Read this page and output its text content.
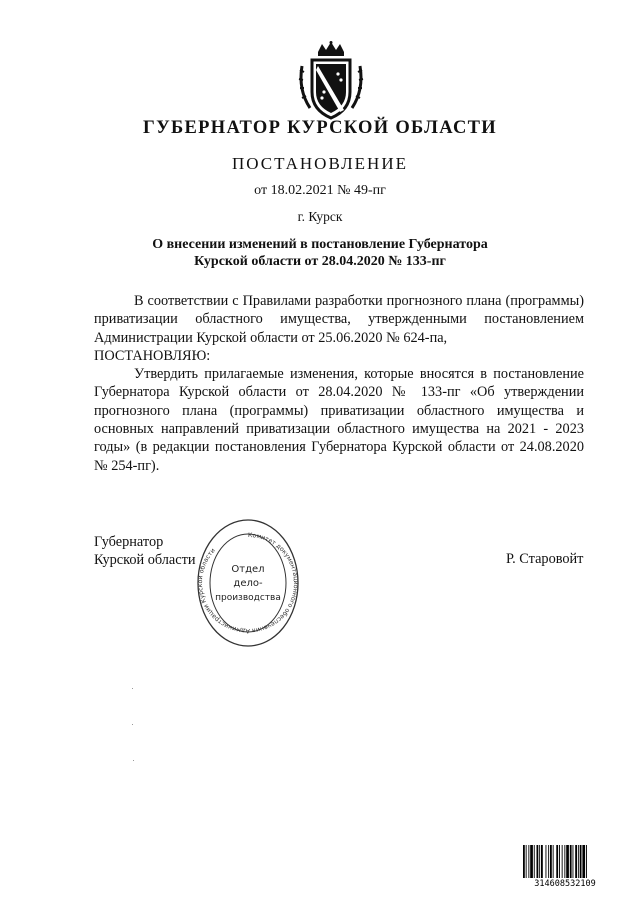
ГУБЕРНАТОР КУРСКОЙ ОБЛАСТИ
ПОСТАНОВЛЕНИЕ
от 18.02.2021 № 49-пг
г. Курск
О внесении изменений в постановление Губернатора
Курской области от 28.04.2020 № 133-пг

В соответствии с Правилами разработки прогнозного плана (программы) приватизации областного имущества, утвержденными постановлением Администрации Курской области от 25.06.2020 № 624-па,

ПОСТАНОВЛЯЮ:

Утвердить прилагаемые изменения, которые вносятся в постановление Губернатора Курской области от 28.04.2020 № 133-пг «Об утверждении прогнозного плана (программы) приватизации областного имущества и основных направлений приватизации областного имущества на 2021 - 2023 годы» (в редакции постановления Губернатора Курской области от 24.08.2020 № 254-пг).

Губернатор
Курской области	Р. Старовойт
Комитет документационного обеспечения Администрации Курской области
Отдел
дело-
производства
314608532109
